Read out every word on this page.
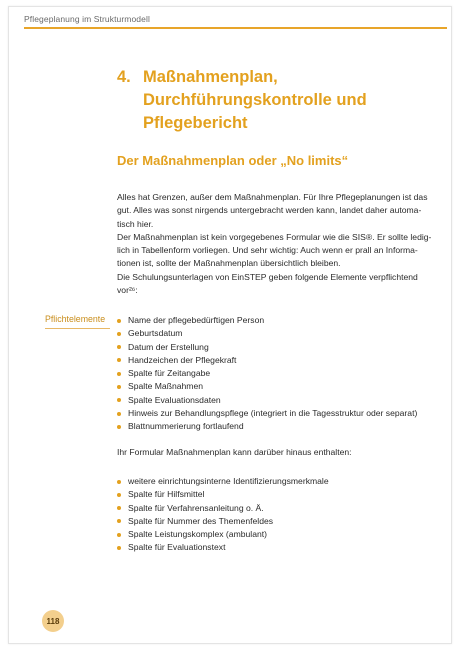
Pflegeplanung im Strukturmodell
4. Maßnahmenplan,
Durchführungskontrolle und
Pflegebericht
Der Maßnahmenplan oder „No limits“

Alles hat Grenzen, außer dem Maßnahmenplan. Für Ihre Pflegeplanungen ist das
gut. Alles was sonst nirgends untergebracht werden kann, landet daher automa-
tisch hier.

Der Maßnahmenplan ist kein vorgegebenes Formular wie die SIS®. Er sollte ledig-
lich in Tabellenform vorliegen. Und sehr wichtig: Auch wenn er prall an Informa-
tionen ist, sollte der Maßnahmenplan übersichtlich bleiben.

Die Schulungsunterlagen von EinSTEP geben folgende Elemente verpflichtend
vor²⁶:

Pflichtelemente	Name der pflegebedürftigen Person
Geburtsdatum
Datum der Erstellung
Handzeichen der Pflegekraft
Spalte für Zeitangabe
Spalte Maßnahmen
Spalte Evaluationsdaten
Hinweis zur Behandlungspflege (integriert in die Tagesstruktur oder separat)
Blattnummerierung fortlaufend
Ihr Formular Maßnahmenplan kann darüber hinaus enthalten:
weitere einrichtungsinterne Identifizierungsmerkmale
Spalte für Hilfsmittel
Spalte für Verfahrensanleitung o. Ä.
Spalte für Nummer des Themenfeldes
Spalte Leistungskomplex (ambulant)
Spalte für Evaluationstext
118
